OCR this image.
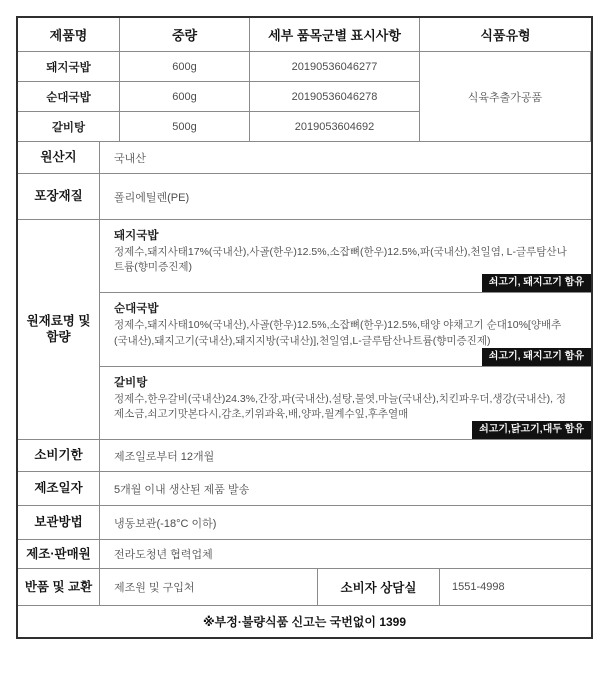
제품명	중량	세부 품목군별 표시사항	식품유형
돼지국밥	600g	20190536046277
식육추출가공품
순대국밥	600g	20190536046278
갈비탕	500g	2019053604692
원산지	국내산
포장재질	폴리에틸렌(PE)
원재료명 및 함량
돼지국밥
정제수,돼지사태17%(국내산),사골(한우)12.5%,소잡뼈(한우)12.5%,파(국내산),천일염, L-글루탐산나트륨(향미증진제)
쇠고기, 돼지고기 함유
순대국밥
정제수,돼지사태10%(국내산),사골(한우)12.5%,소잡뼈(한우)12.5%,태양 야채고기 순대10%[양배추(국내산),돼지고기(국내산),돼지지방(국내산)],천일염,L-글루탐산나트륨(향미증진제)
쇠고기, 돼지고기 함유
갈비탕
정제수,한우갈비(국내산)24.3%,간장,파(국내산),설탕,물엿,마늘(국내산),치킨파우더,생강(국내산), 정제소금,쇠고기맛본다시,감초,키위과육,배,양파,월계수잎,후추열매
쇠고기,닭고기,대두 함유
소비기한	제조일로부터 12개월
제조일자	5개월 이내 생산된 제품 발송
보관방법	냉동보관(-18°C 이하)
제조·판매원	전라도청년 협력업체
반품 및 교환	제조원 및 구입처	소비자 상담실	1551-4998
※부정·불량식품 신고는 국번없이 1399
